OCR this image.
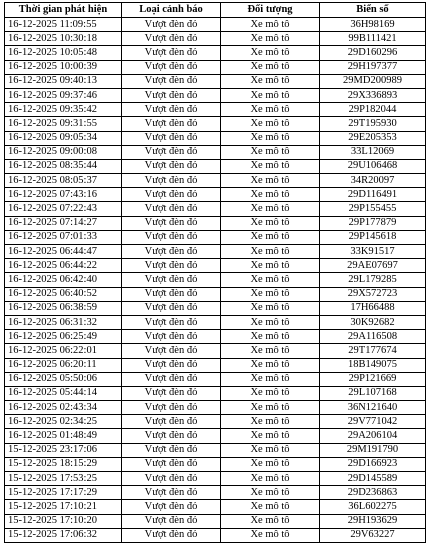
Thời gian phát hiện	Loại cảnh báo	Đối tượng	Biển số
16-12-2025 11:09:55	Vượt đèn đỏ	Xe mô tô	36H98169
16-12-2025 10:30:18	Vượt đèn đỏ	Xe mô tô	99B111421
16-12-2025 10:05:48	Vượt đèn đỏ	Xe mô tô	29D160296
16-12-2025 10:00:39	Vượt đèn đỏ	Xe mô tô	29H197377
16-12-2025 09:40:13	Vượt đèn đỏ	Xe mô tô	29MD200989
16-12-2025 09:37:46	Vượt đèn đỏ	Xe mô tô	29X336893
16-12-2025 09:35:42	Vượt đèn đỏ	Xe mô tô	29P182044
16-12-2025 09:31:55	Vượt đèn đỏ	Xe mô tô	29T195930
16-12-2025 09:05:34	Vượt đèn đỏ	Xe mô tô	29E205353
16-12-2025 09:00:08	Vượt đèn đỏ	Xe mô tô	33L12069
16-12-2025 08:35:44	Vượt đèn đỏ	Xe mô tô	29U106468
16-12-2025 08:05:37	Vượt đèn đỏ	Xe mô tô	34R20097
16-12-2025 07:43:16	Vượt đèn đỏ	Xe mô tô	29D116491
16-12-2025 07:22:43	Vượt đèn đỏ	Xe mô tô	29P155455
16-12-2025 07:14:27	Vượt đèn đỏ	Xe mô tô	29P177879
16-12-2025 07:01:33	Vượt đèn đỏ	Xe mô tô	29P145618
16-12-2025 06:44:47	Vượt đèn đỏ	Xe mô tô	33K91517
16-12-2025 06:44:22	Vượt đèn đỏ	Xe mô tô	29AE07697
16-12-2025 06:42:40	Vượt đèn đỏ	Xe mô tô	29L179285
16-12-2025 06:40:52	Vượt đèn đỏ	Xe mô tô	29X572723
16-12-2025 06:38:59	Vượt đèn đỏ	Xe mô tô	17H66488
16-12-2025 06:31:32	Vượt đèn đỏ	Xe mô tô	30K92682
16-12-2025 06:25:49	Vượt đèn đỏ	Xe mô tô	29A116508
16-12-2025 06:22:01	Vượt đèn đỏ	Xe mô tô	29T177674
16-12-2025 06:20:11	Vượt đèn đỏ	Xe mô tô	18B149075
16-12-2025 05:50:06	Vượt đèn đỏ	Xe mô tô	29P121669
16-12-2025 05:44:14	Vượt đèn đỏ	Xe mô tô	29L107168
16-12-2025 02:43:34	Vượt đèn đỏ	Xe mô tô	36N121640
16-12-2025 02:34:25	Vượt đèn đỏ	Xe mô tô	29V771042
16-12-2025 01:48:49	Vượt đèn đỏ	Xe mô tô	29A206104
15-12-2025 23:17:06	Vượt đèn đỏ	Xe mô tô	29M191790
15-12-2025 18:15:29	Vượt đèn đỏ	Xe mô tô	29D166923
15-12-2025 17:53:25	Vượt đèn đỏ	Xe mô tô	29D145589
15-12-2025 17:17:29	Vượt đèn đỏ	Xe mô tô	29D236863
15-12-2025 17:10:21	Vượt đèn đỏ	Xe mô tô	36L602275
15-12-2025 17:10:20	Vượt đèn đỏ	Xe mô tô	29H193629
15-12-2025 17:06:32	Vượt đèn đỏ	Xe mô tô	29V63227
